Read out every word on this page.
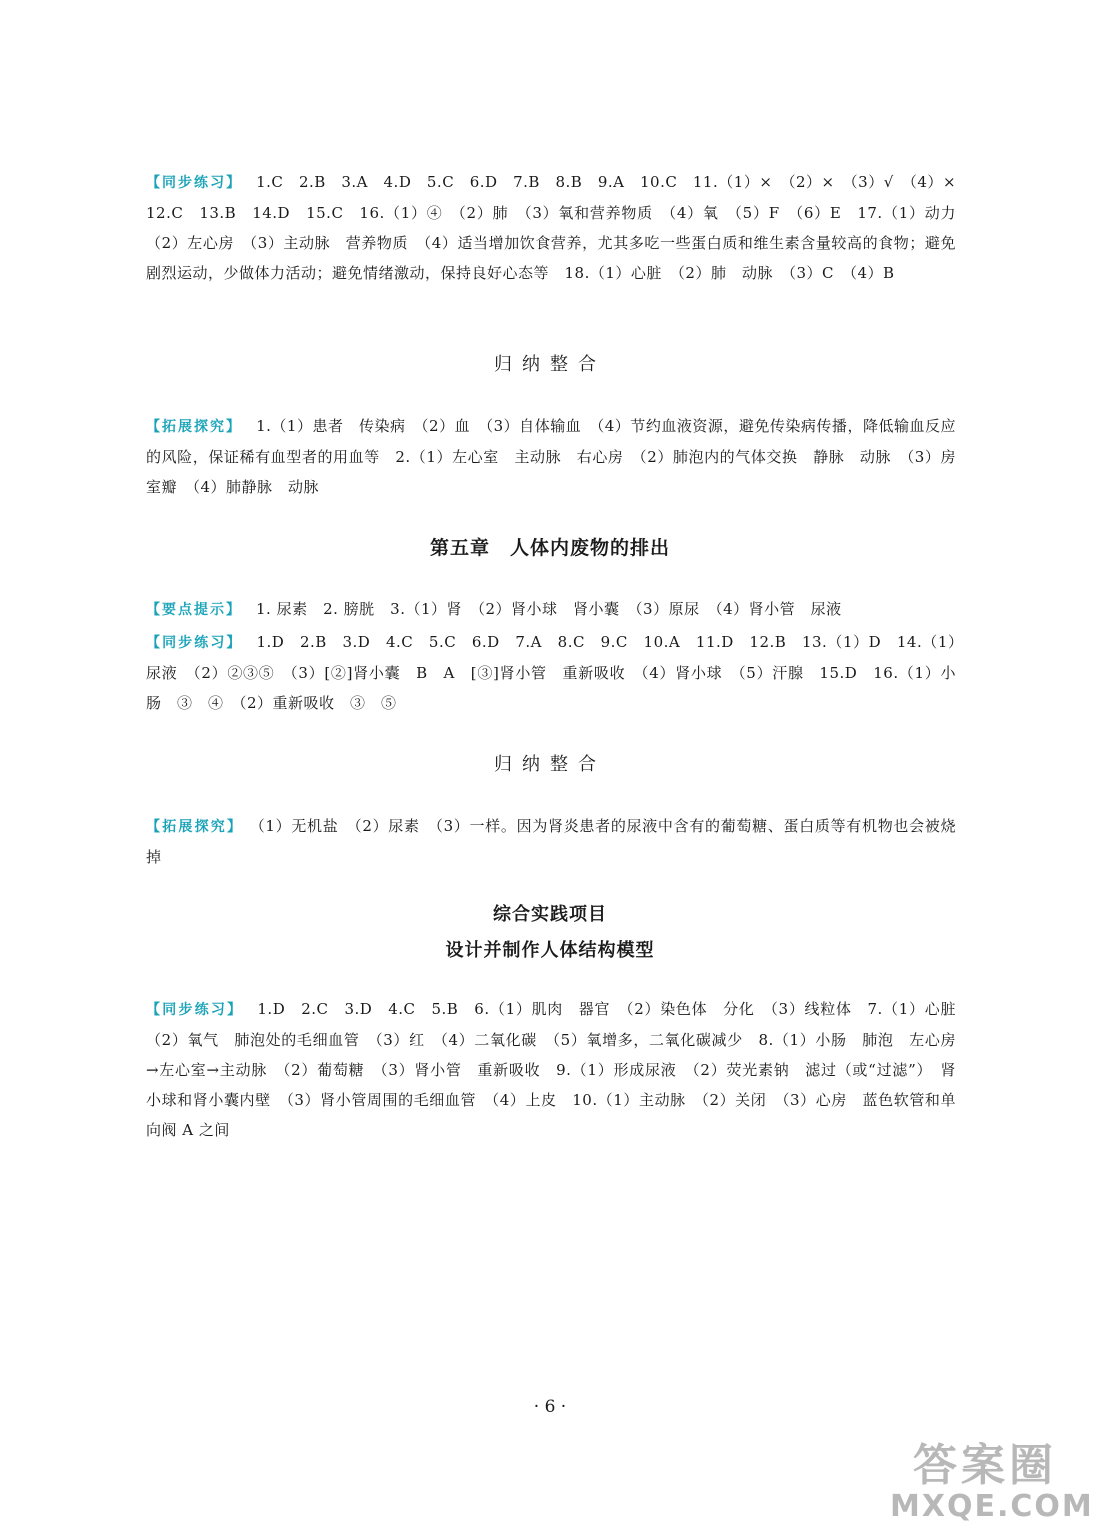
【同步练习】 1.C　2.B　3.A　4.D　5.C　6.D　7.B　8.B　9.A　10.C　11.（1）×　（2）×　（3）√　（4）×　12.C　13.B　14.D　15.C　16.（1）④　（2）肺　（3）氧和营养物质　（4）氧　（5）F　（6）E　17.（1）动力　（2）左心房　（3）主动脉　营养物质　（4）适当增加饮食营养，尤其多吃一些蛋白质和维生素含量较高的食物；避免剧烈运动，少做体力活动；避免情绪激动，保持良好心态等　18.（1）心脏　（2）肺　动脉　（3）C　（4）B
归纳整合
【拓展探究】 1.（1）患者　传染病　（2）血　（3）自体输血　（4）节约血液资源，避免传染病传播，降低输血反应的风险，保证稀有血型者的用血等　2.（1）左心室　主动脉　右心房　（2）肺泡内的气体交换　静脉　动脉　（3）房室瓣　（4）肺静脉　动脉
第五章　人体内废物的排出
【要点提示】 1. 尿素　2. 膀胱　3.（1）肾　（2）肾小球　肾小囊　（3）原尿　（4）肾小管　尿液
【同步练习】 1.D　2.B　3.D　4.C　5.C　6.D　7.A　8.C　9.C　10.A　11.D　12.B　13.（1）D　14.（1）尿液　（2）②③⑤　（3）[②]肾小囊　B　A　[③]肾小管　重新吸收　（4）肾小球　（5）汗腺　15.D　16.（1）小肠　③　④　（2）重新吸收　③　⑤
归纳整合
【拓展探究】 （1）无机盐　（2）尿素　（3）一样。因为肾炎患者的尿液中含有的葡萄糖、蛋白质等有机物也会被烧掉
综合实践项目
设计并制作人体结构模型
【同步练习】 1.D　2.C　3.D　4.C　5.B　6.（1）肌肉　器官　（2）染色体　分化　（3）线粒体　7.（1）心脏　（2）氧气　肺泡处的毛细血管　（3）红　（4）二氧化碳　（5）氧增多，二氧化碳减少　8.（1）小肠　肺泡　左心房→左心室→主动脉　（2）葡萄糖　（3）肾小管　重新吸收　9.（1）形成尿液　（2）荧光素钠　滤过（或“过滤”）　肾小球和肾小囊内壁　（3）肾小管周围的毛细血管　（4）上皮　10.（1）主动脉　（2）关闭　（3）心房　蓝色软管和单向阀 A 之间
· 6 ·
答案圈
MXQE.COM
